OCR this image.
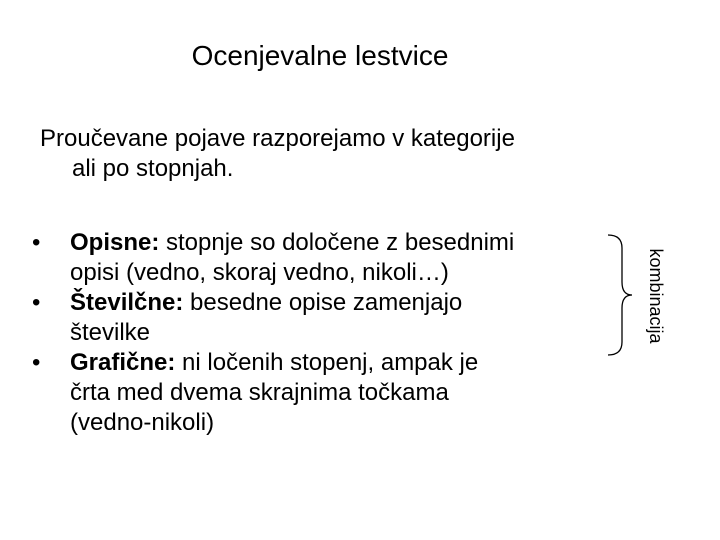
Ocenjevalne lestvice
Proučevane pojave razporejamo v kategorije
ali po stopnjah.
• Opisne: stopnje so določene z besednimi
opisi (vedno, skoraj vedno, nikoli…)
• Številčne: besedne opise zamenjajo
številke
• Grafične: ni ločenih stopenj, ampak je
črta med dvema skrajnima točkama
(vedno-nikoli)
kombinacija
